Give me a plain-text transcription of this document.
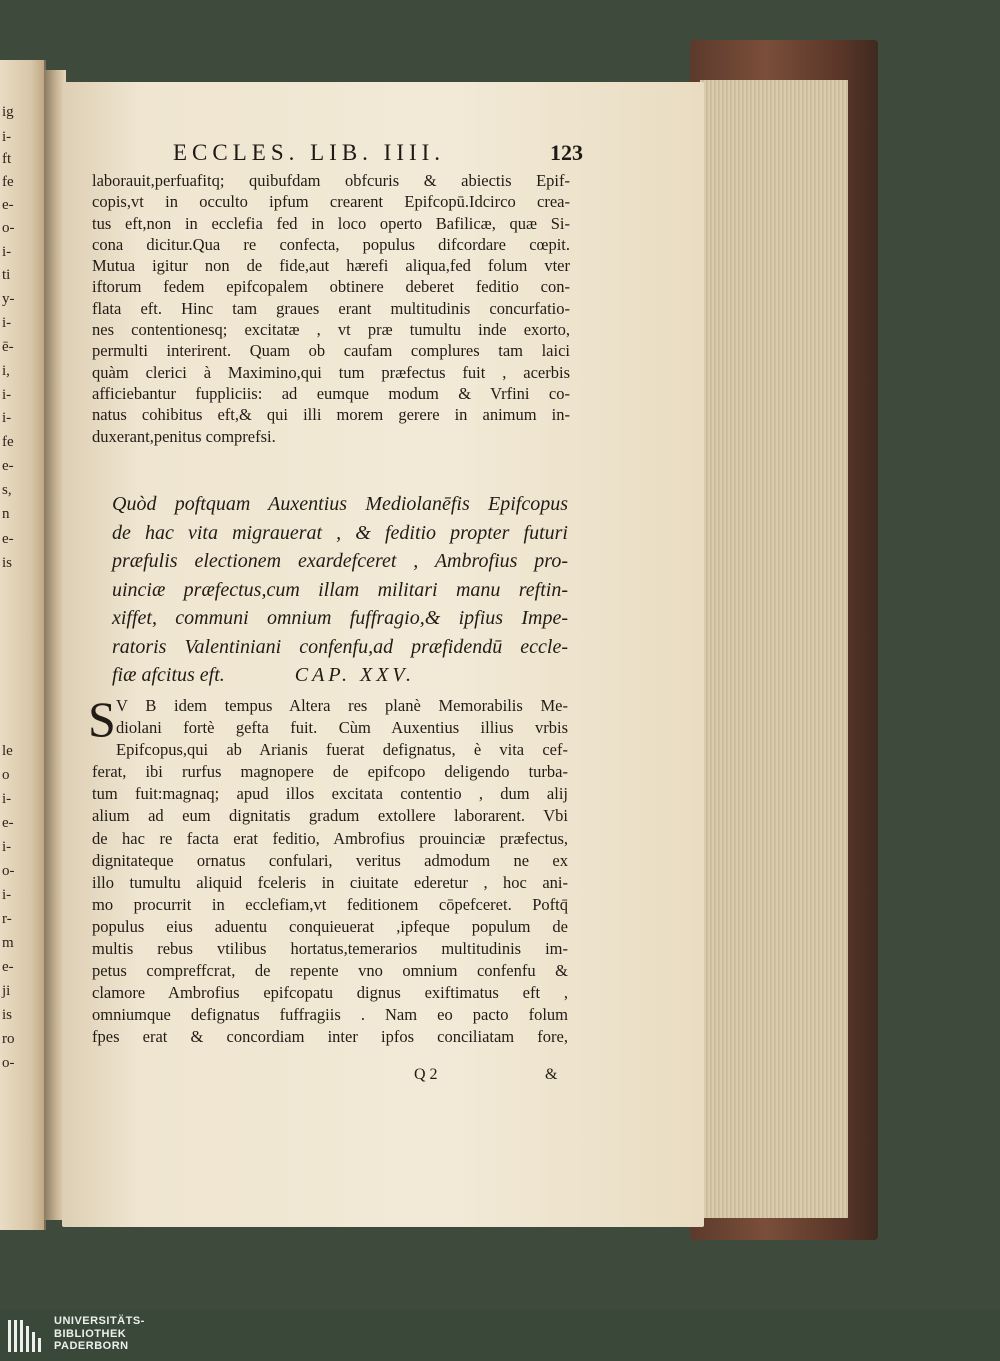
ig
i-
ft
fe
e-
o-
i-
ti
y-
i-
ē-
i,
i-
i-
fe
e-
s,
n
e-
is
le
o
i-
e-
i-
o-
i-
r-
m
e-
ji
is
ro
o-
ECCLES. LIB. IIII.	123
laborauit,perfuafitq; quibufdam obfcuris & abiectis Epif-
copis,vt in occulto ipfum crearent Epifcopū.Idcirco crea-
tus eft,non in ecclefia fed in loco operto Bafilicæ, quæ Si-
cona dicitur.Qua re confecta, populus difcordare cœpit.
Mutua igitur non de fide,aut hærefi aliqua,fed folum vter
iftorum fedem epifcopalem obtinere deberet feditio con-
flata eft. Hinc tam graues erant multitudinis concurfatio-
nes contentionesq; excitatæ , vt præ tumultu inde exorto,
permulti interirent. Quam ob caufam complures tam laici
quàm clerici à Maximino,qui tum præfectus fuit , acerbis
afficiebantur fuppliciis: ad eumque modum & Vrfini co-
natus cohibitus eft,& qui illi morem gerere in animum in-
duxerant,penitus comprefsi.
Quòd poftquam Auxentius Mediolanēfis Epifcopus
de hac vita migrauerat , & feditio propter futuri
præfulis electionem exardefceret , Ambrofius pro-
uinciæ præfectus,cum illam militari manu reftin-
xiffet, communi omnium fuffragio,& ipfius Impe-
ratoris Valentiniani confenfu,ad præfidendū eccle-
fiæ afcitus eft.	CAP. XXV.
S V B idem tempus Altera res planè Memorabilis Me-
diolani fortè gefta fuit. Cùm Auxentius illius vrbis
Epifcopus,qui ab Arianis fuerat defignatus, è vita cef-
ferat, ibi rurfus magnopere de epifcopo deligendo turba-
tum fuit:magnaq; apud illos excitata contentio , dum alij
alium ad eum dignitatis gradum extollere laborarent. Vbi
de hac re facta erat feditio, Ambrofius prouinciæ præfectus,
dignitateque ornatus confulari, veritus admodum ne ex
illo tumultu aliquid fceleris in ciuitate ederetur , hoc ani-
mo procurrit in ecclefiam,vt feditionem cōpefceret. Poftq̄
populus eius aduentu conquieuerat ,ipfeque populum de
multis rebus vtilibus hortatus,temerarios multitudinis im-
petus compreffcrat, de repente vno omnium confenfu &
clamore Ambrofius epifcopatu dignus exiftimatus eft ,
omniumque defignatus fuffragiis . Nam eo pacto folum
fpes erat & concordiam inter ipfos conciliatam fore,
Q 2	&
UNIVERSITÄTS-
BIBLIOTHEK
PADERBORN
